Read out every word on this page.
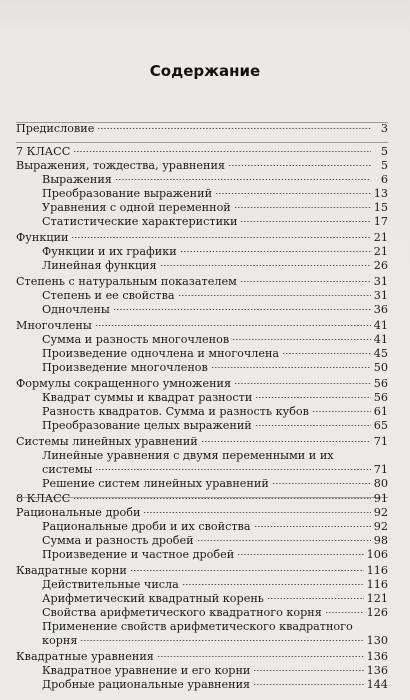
Содержание
Предисловие	3
7 КЛАСС	5
Выражения, тождества, уравнения	5
Выражения	6
Преобразование выражений	13
Уравнения с одной переменной	15
Статистические характеристики	17
Функции	21
Функции и их графики	21
Линейная функция	26
Степень с натуральным показателем	31
Степень и ее свойства	31
Одночлены	36
Многочлены	41
Сумма и разность многочленов	41
Произведение одночлена и многочлена	45
Произведение многочленов	50
Формулы сокращенного умножения	56
Квадрат суммы и квадрат разности	56
Разность квадратов. Сумма и разность кубов	61
Преобразование целых выражений	65
Системы линейных уравнений	71
Линейные уравнения с двумя переменными и их
системы	71
Решение систем линейных уравнений	80
8 КЛАСС	91
Рациональные дроби	92
Рациональные дроби и их свойства	92
Сумма и разность дробей	98
Произведение и частное дробей	106
Квадратные корни	116
Действительные числа	116
Арифметический квадратный корень	121
Свойства арифметического квадратного корня	126
Применение свойств арифметического квадратного
корня	130
Квадратные уравнения	136
Квадратное уравнение и его корни	136
Дробные рациональные уравнения	144
